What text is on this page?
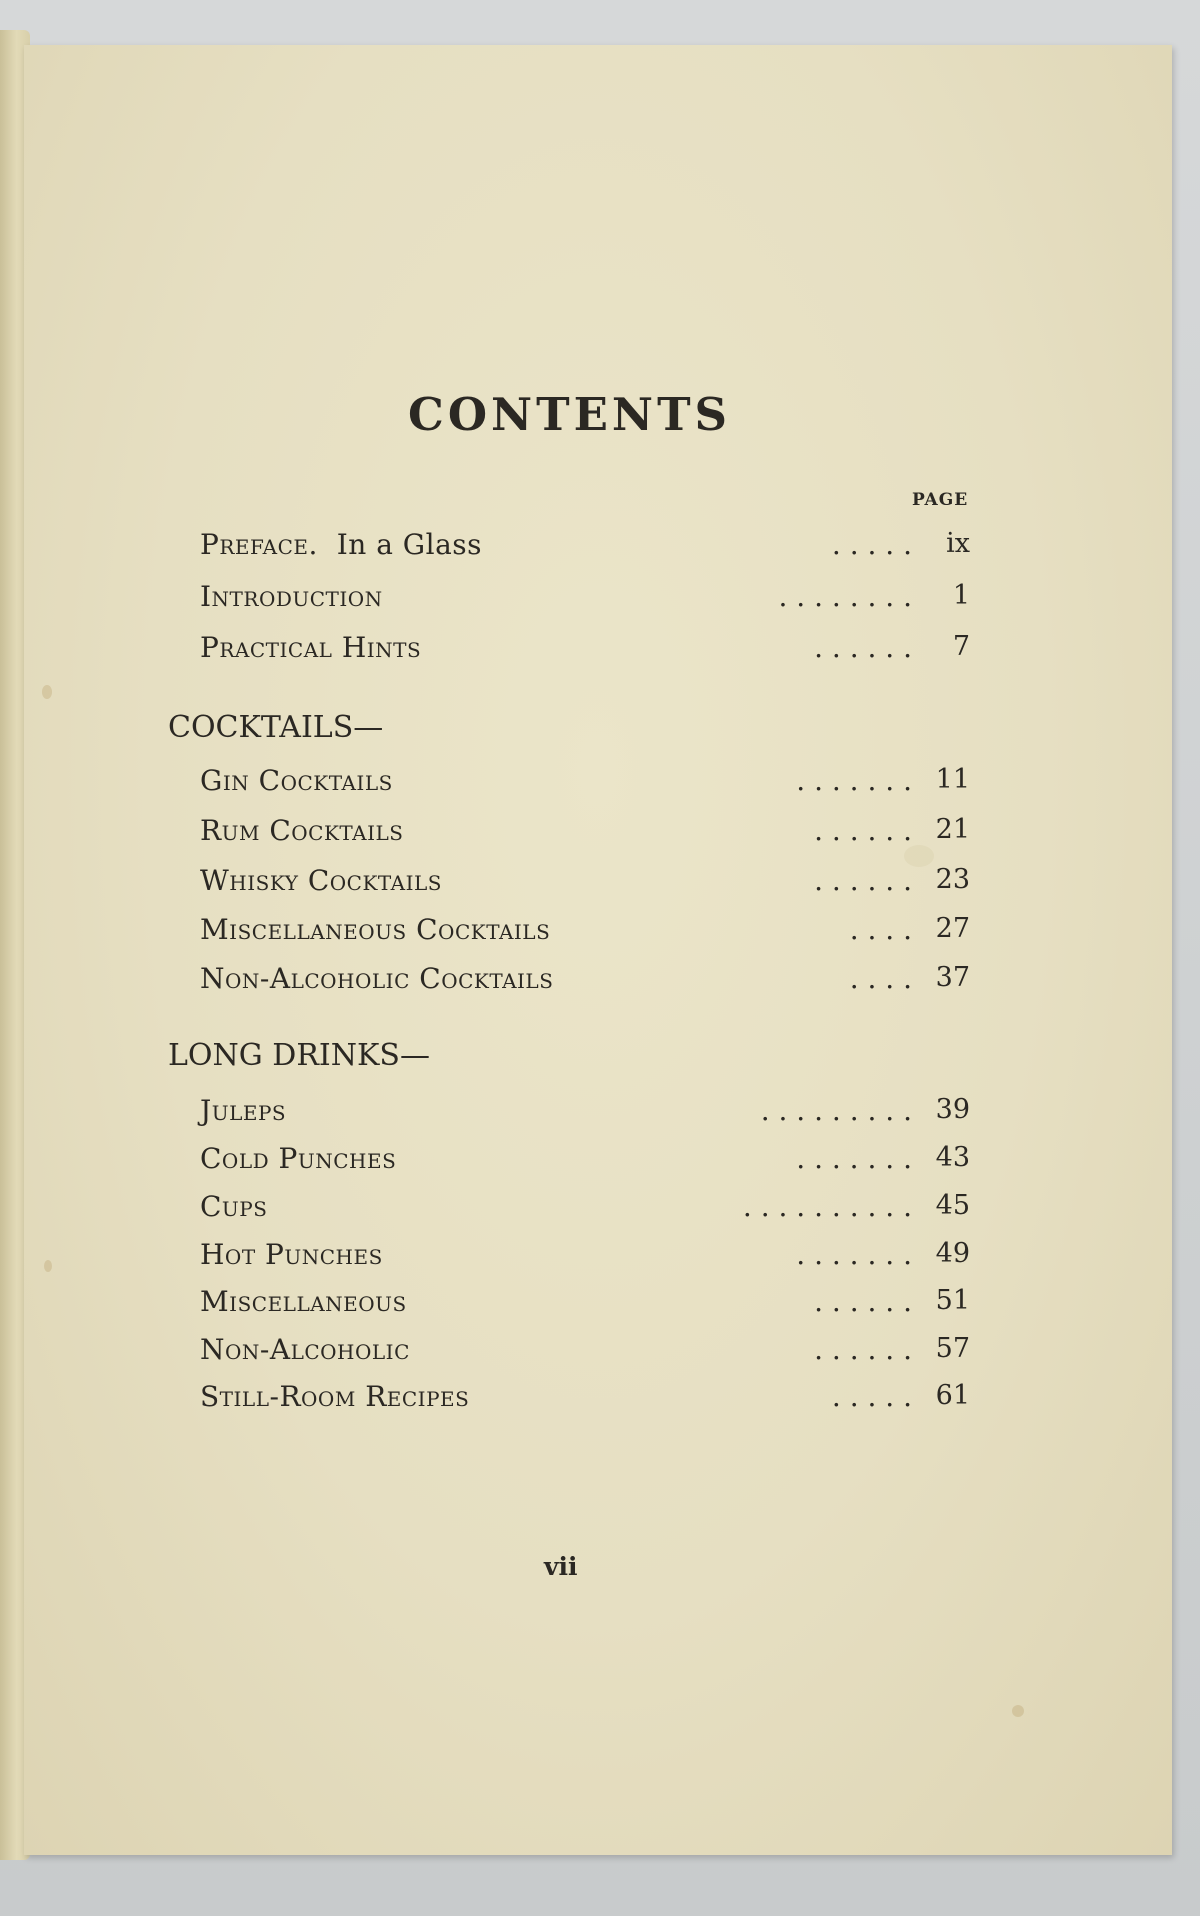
CONTENTS
PAGE
Preface. In a Glass	. . . . . ix
Introduction	. . . . . . . . 1
Practical Hints	. . . . . . 7
COCKTAILS—
Gin Cocktails	. . . . . . . 11
Rum Cocktails	. . . . . . 21
Whisky Cocktails	. . . . . . 23
Miscellaneous Cocktails	. . . . 27
Non-Alcoholic Cocktails	. . . . 37
LONG DRINKS—
Juleps	. . . . . . . . . 39
Cold Punches	. . . . . . . 43
Cups	. . . . . . . . . . 45
Hot Punches	. . . . . . . 49
Miscellaneous	. . . . . . 51
Non-Alcoholic	. . . . . . 57
Still-Room Recipes	. . . . . 61
vii
